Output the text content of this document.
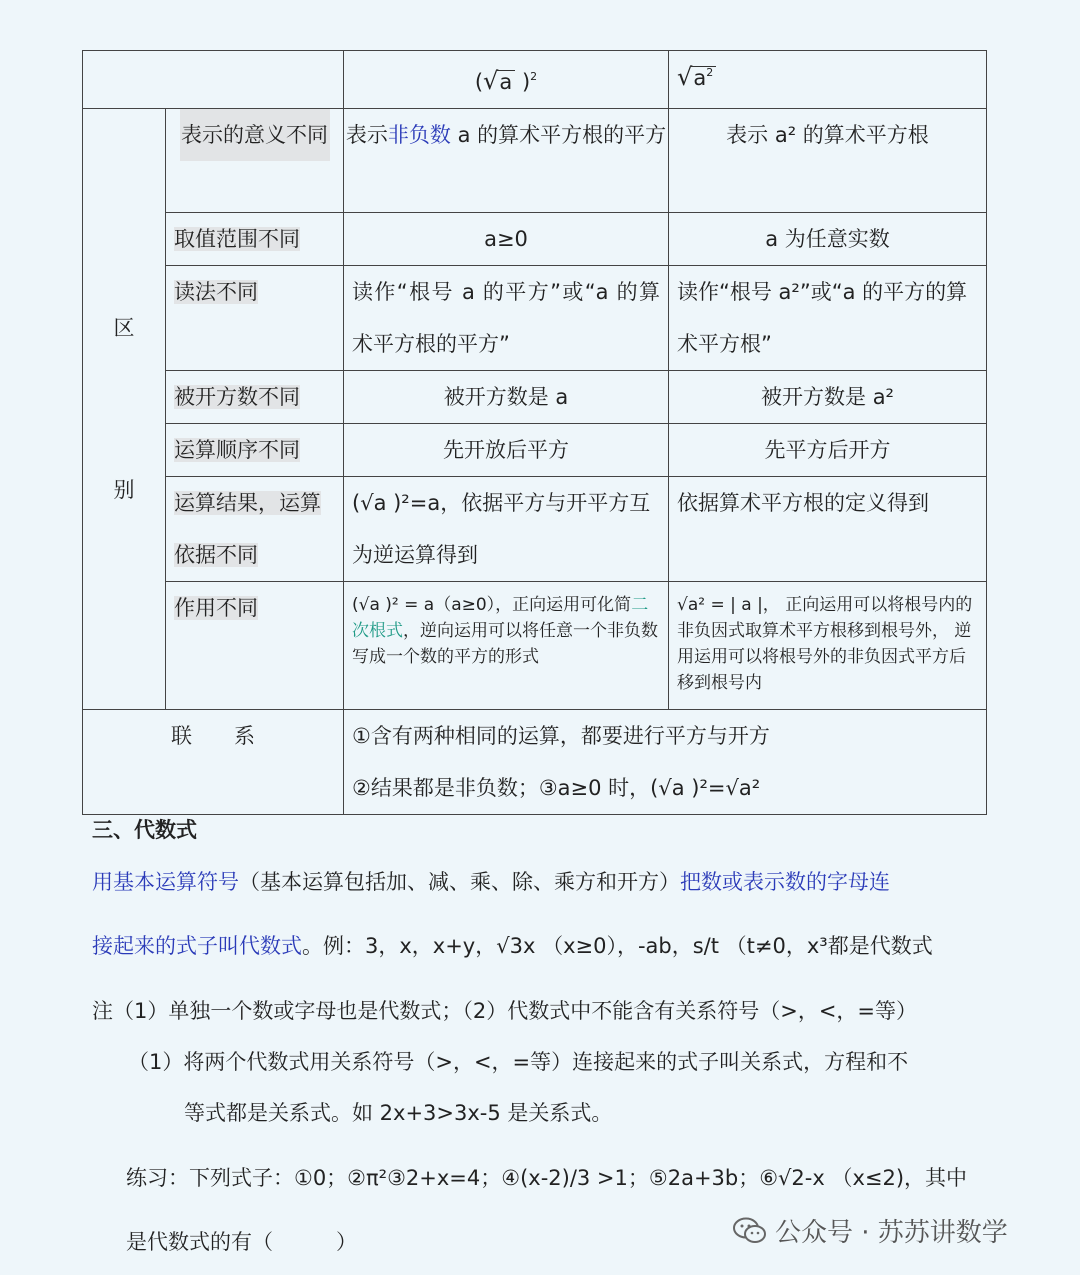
		(√a )$^2$	$√a^2$

区
别	表示的意义不同	表示非负数 a 的算术平方根的平方	表示 a² 的算术平方根
	取值范围不同	a≥0	a 为任意实数
	读法不同	读作“根号 a 的平方”或“a 的算术平方根的平方”	读作“根号 a²”或“a 的平方的算术平方根”
	被开方数不同	被开方数是 a	被开方数是 a²
	运算顺序不同	先开放后平方	先平方后开方
	运算结果，运算依据不同	(√a )²=a，依据平方与开平方互为逆运算得到	依据算术平方根的定义得到
	作用不同	(√a )² = a（a≥0），正向运用可化简二次根式，逆向运用可以将任意一个非负数写成一个数的平方的形式	√a² = | a |， 正向运用可以将根号内的非负因式取算术平方根移到根号外， 逆用运用可以将根号外的非负因式平方后移到根号内
联　　系		①含有两种相同的运算，都要进行平方与开方
②结果都是非负数；③a≥0 时，(√a )²=√a²	
三、代数式
用基本运算符号（基本运算包括加、减、乘、除、乘方和开方）把数或表示数的字母连
接起来的式子叫代数式。例：3，x，x+y，√3x （x≥0），-ab，s/t （t≠0，x³都是代数式
注（1）单独一个数或字母也是代数式；（2）代数式中不能含有关系符号（>，<，=等）
（1）将两个代数式用关系符号（>，<，=等）连接起来的式子叫关系式，方程和不
等式都是关系式。如 2x+3>3x-5 是关系式。
练习：下列式子：①0；②π²③2+x=4；④(x-2)/3 >1；⑤2a+3b；⑥√2-x （x≤2)，其中
是代数式的有（　　　）	公众号 · 苏苏讲数学
